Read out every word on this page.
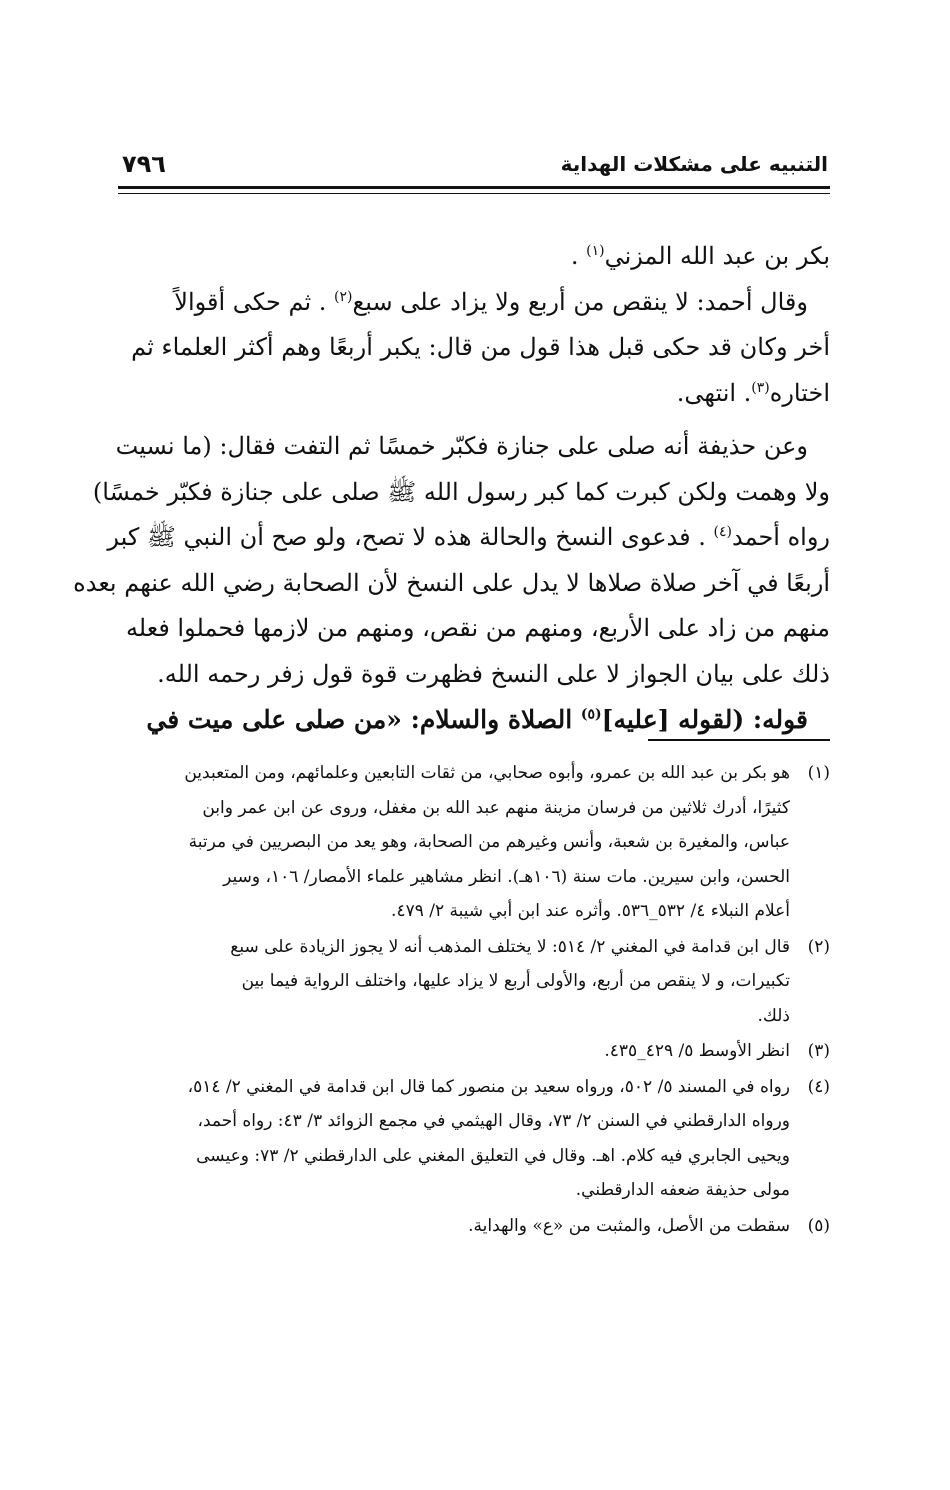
التنبيه على مشكلات الهداية
٧٩٦

بكر بن عبد الله المزني$^{(١)}$ .

وقال أحمد: لا ينقص من أربع ولا يزاد على سبع$^{(٢)}$ . ثم حكى أقوالاً
أخر وكان قد حكى قبل هذا قول من قال: يكبر أربعًا وهم أكثر العلماء ثم
اختاره$^{(٣)}$. انتهى.

وعن حذيفة أنه صلى على جنازة فكبّر خمسًا ثم التفت فقال: (ما نسيت
ولا وهمت ولكن كبرت كما كبر رسول الله ﷺ صلى على جنازة فكبّر خمسًا)
رواه أحمد$^{(٤)}$ . فدعوى النسخ والحالة هذه لا تصح، ولو صح أن النبي ﷺ كبر
أربعًا في آخر صلاة صلاها لا يدل على النسخ لأن الصحابة رضي الله عنهم بعده
منهم من زاد على الأربع، ومنهم من نقص، ومنهم من لازمها فحملوا فعله
ذلك على بيان الجواز لا على النسخ فظهرت قوة قول زفر رحمه الله.

قوله: (لقوله [عليه]$^{(٥)}$ الصلاة والسلام: «من صلى على ميت في

(١)
هو بكر بن عبد الله بن عمرو، وأبوه صحابي، من ثقات التابعين وعلمائهم، ومن المتعبدين
كثيرًا، أدرك ثلاثين من فرسان مزينة منهم عبد الله بن مغفل، وروى عن ابن عمر وابن
عباس، والمغيرة بن شعبة، وأنس وغيرهم من الصحابة، وهو يعد من البصريين في مرتبة
الحسن، وابن سيرين. مات سنة (١٠٦هـ). انظر مشاهير علماء الأمصار/ ١٠٦، وسير
أعلام النبلاء ٤/ ٥٣٢_٥٣٦. وأثره عند ابن أبي شيبة ٢/ ٤٧٩.
(٢)
قال ابن قدامة في المغني ٢/ ٥١٤: لا يختلف المذهب أنه لا يجوز الزيادة على سبع
تكبيرات، و لا ينقص من أربع، والأولى أربع لا يزاد عليها، واختلف الرواية فيما بين
ذلك.
(٣)
انظر الأوسط ٥/ ٤٢٩_٤٣٥.
(٤)
رواه في المسند ٥/ ٥٠٢، ورواه سعيد بن منصور كما قال ابن قدامة في المغني ٢/ ٥١٤،
ورواه الدارقطني في السنن ٢/ ٧٣، وقال الهيثمي في مجمع الزوائد ٣/ ٤٣: رواه أحمد،
ويحيى الجابري فيه كلام. اهـ. وقال في التعليق المغني على الدارقطني ٢/ ٧٣: وعيسى
مولى حذيفة ضعفه الدارقطني.
(٥)
سقطت من الأصل، والمثبت من «ع» والهداية.
